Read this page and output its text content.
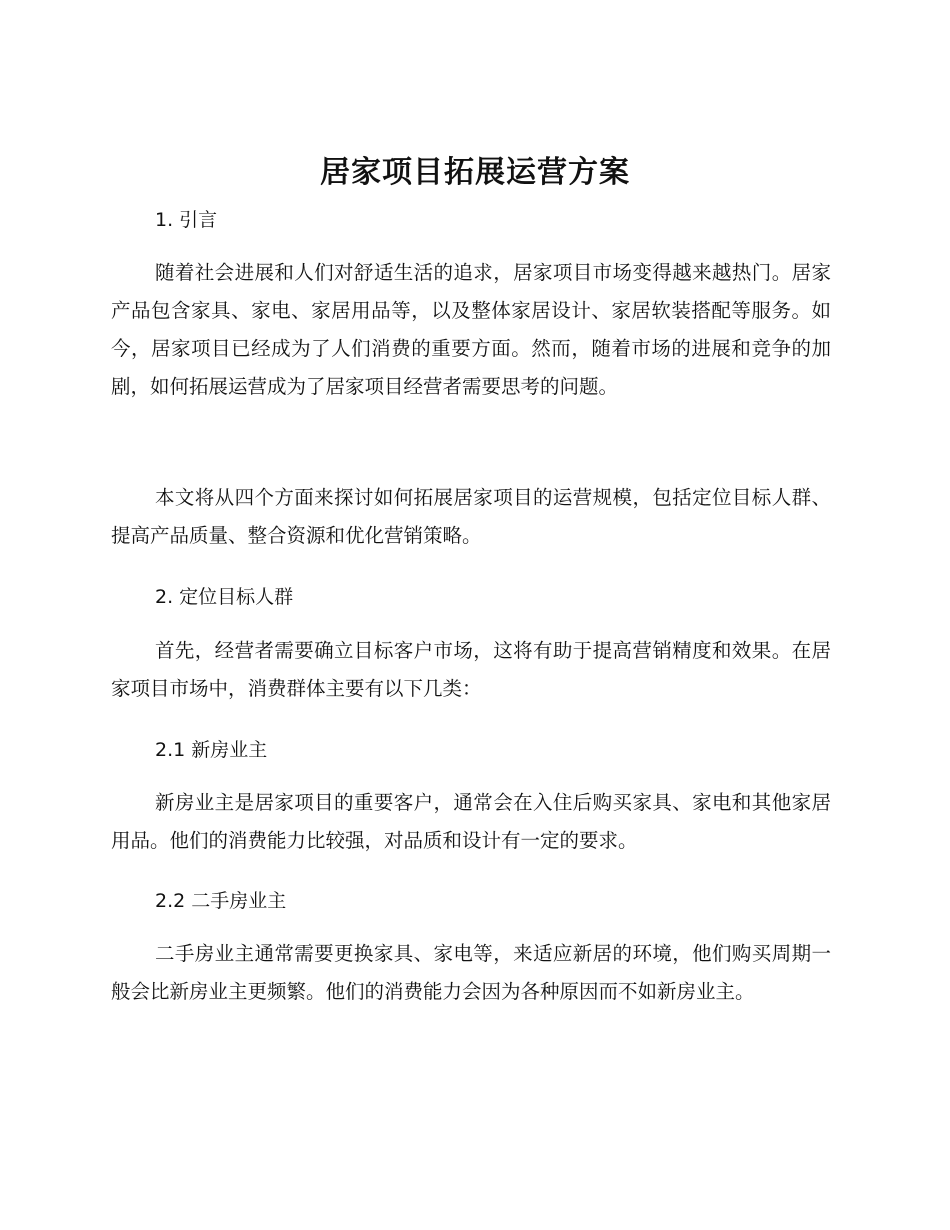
居家项目拓展运营方案
1. 引言

随着社会进展和人们对舒适生活的追求，居家项目市场变得越来越热门。居家产品包含家具、家电、家居用品等，以及整体家居设计、家居软装搭配等服务。如今，居家项目已经成为了人们消费的重要方面。然而，随着市场的进展和竞争的加剧，如何拓展运营成为了居家项目经营者需要思考的问题。

本文将从四个方面来探讨如何拓展居家项目的运营规模，包括定位目标人群、提高产品质量、整合资源和优化营销策略。

2. 定位目标人群

首先，经营者需要确立目标客户市场，这将有助于提高营销精度和效果。在居家项目市场中，消费群体主要有以下几类：

2.1 新房业主

新房业主是居家项目的重要客户，通常会在入住后购买家具、家电和其他家居用品。他们的消费能力比较强，对品质和设计有一定的要求。

2.2 二手房业主

二手房业主通常需要更换家具、家电等，来适应新居的环境，他们购买周期一般会比新房业主更频繁。他们的消费能力会因为各种原因而不如新房业主。
